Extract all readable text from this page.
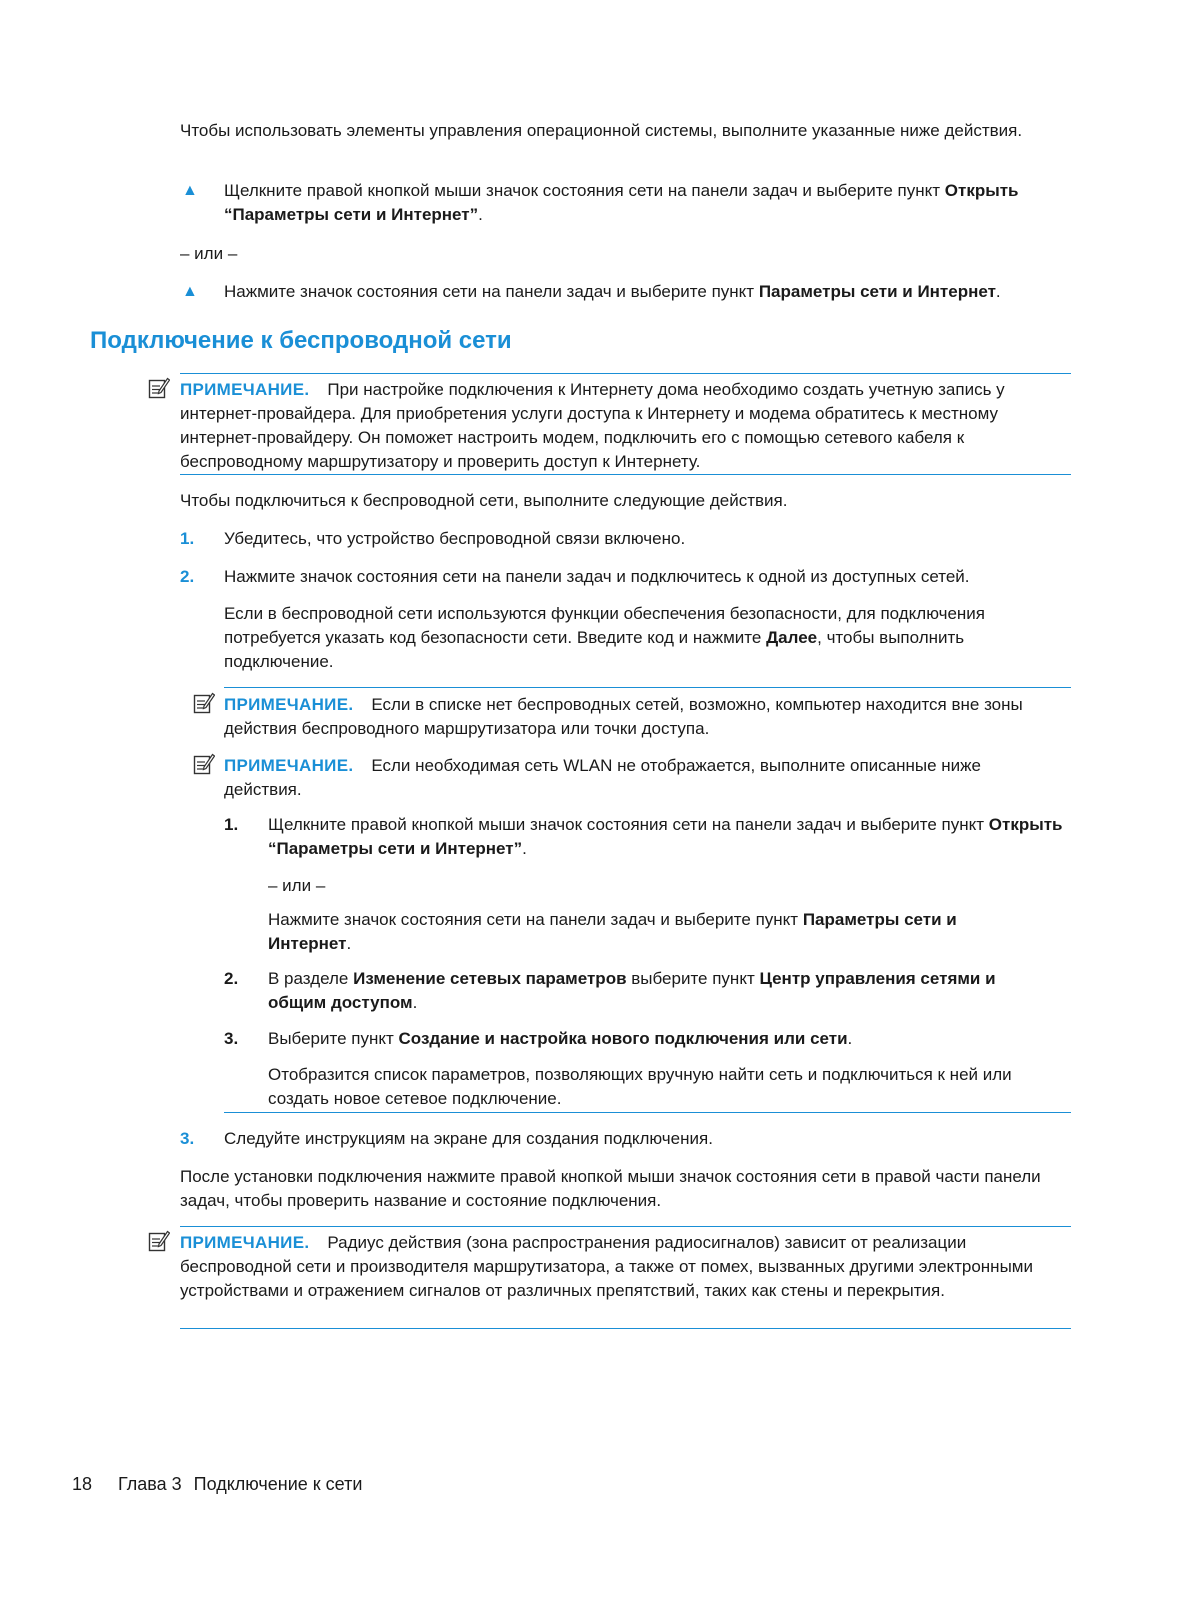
Чтобы использовать элементы управления операционной системы, выполните указанные ниже действия.
▲ Щелкните правой кнопкой мыши значок состояния сети на панели задач и выберите пункт Открыть “Параметры сети и Интернет”.
– или –
▲ Нажмите значок состояния сети на панели задач и выберите пункт Параметры сети и Интернет.
Подключение к беспроводной сети
ПРИМЕЧАНИЕ. При настройке подключения к Интернету дома необходимо создать учетную запись у интернет-провайдера. Для приобретения услуги доступа к Интернету и модема обратитесь к местному интернет-провайдеру. Он поможет настроить модем, подключить его с помощью сетевого кабеля к беспроводному маршрутизатору и проверить доступ к Интернету.
Чтобы подключиться к беспроводной сети, выполните следующие действия.
1. Убедитесь, что устройство беспроводной связи включено.
2. Нажмите значок состояния сети на панели задач и подключитесь к одной из доступных сетей.
Если в беспроводной сети используются функции обеспечения безопасности, для подключения потребуется указать код безопасности сети. Введите код и нажмите Далее, чтобы выполнить подключение.
ПРИМЕЧАНИЕ. Если в списке нет беспроводных сетей, возможно, компьютер находится вне зоны действия беспроводного маршрутизатора или точки доступа.
ПРИМЕЧАНИЕ. Если необходимая сеть WLAN не отображается, выполните описанные ниже действия.
1. Щелкните правой кнопкой мыши значок состояния сети на панели задач и выберите пункт Открыть “Параметры сети и Интернет”.
– или –
Нажмите значок состояния сети на панели задач и выберите пункт Параметры сети и Интернет.
2. В разделе Изменение сетевых параметров выберите пункт Центр управления сетями и общим доступом.
3. Выберите пункт Создание и настройка нового подключения или сети.
Отобразится список параметров, позволяющих вручную найти сеть и подключиться к ней или создать новое сетевое подключение.
3. Следуйте инструкциям на экране для создания подключения.
После установки подключения нажмите правой кнопкой мыши значок состояния сети в правой части панели задач, чтобы проверить название и состояние подключения.
ПРИМЕЧАНИЕ. Радиус действия (зона распространения радиосигналов) зависит от реализации беспроводной сети и производителя маршрутизатора, а также от помех, вызванных другими электронными устройствами и отражением сигналов от различных препятствий, таких как стены и перекрытия.
18 Глава 3 Подключение к сети
